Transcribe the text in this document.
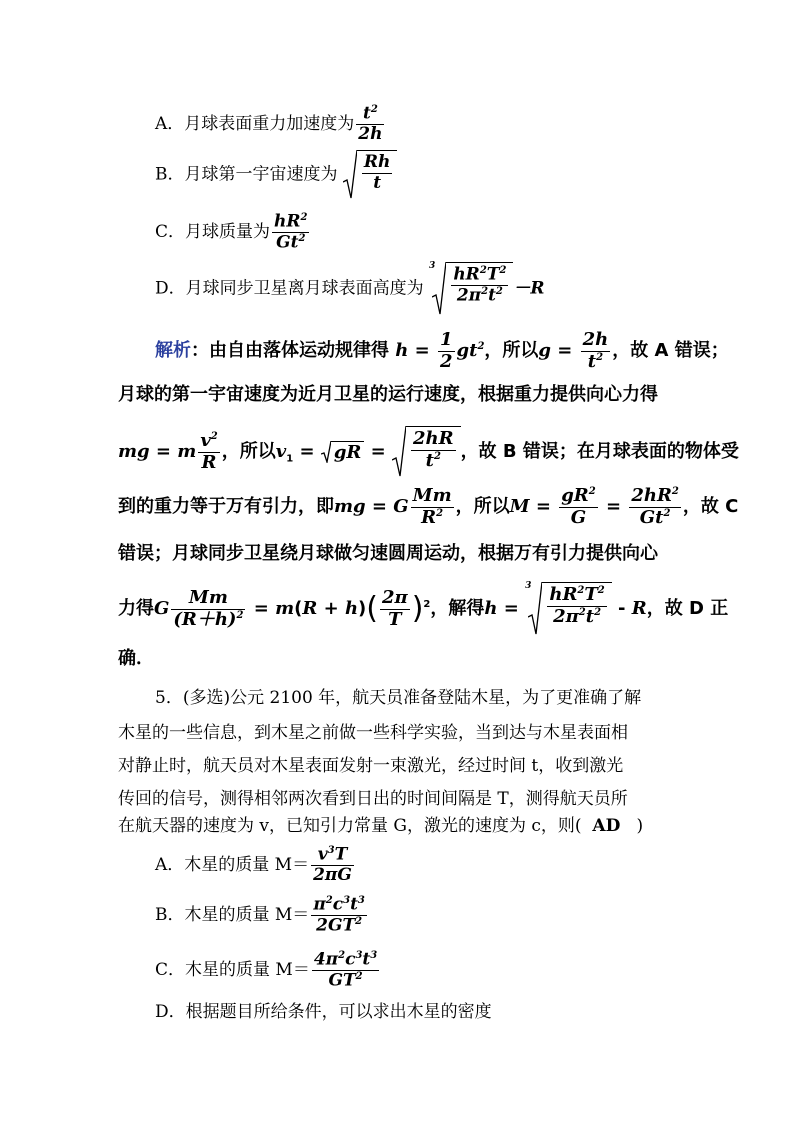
A．月球表面重力加速度为 $\frac{t^2}{2h}$
B．月球第一宇宙速度为 $\frac{Rh}{t}$
C．月球质量为 $\frac{hR^2}{Gt^2}$
D．月球同步卫星离月球表面高度为
$3 \frac{hR^2T^2}{2\pi^2t^2} -R$
解析：由自由落体运动规律得 $h = \frac{1}{2} gt^2$，所以$g = \frac{2h}{t^2}$ ，故 A 错误；
月球的第一宇宙速度为近月卫星的运行速度，根据重力提供向心力得
mg = m $\frac{v^2}{R}$ ，所以$v_1$ = gR = $\frac{2hR}{t^2}$ ，故 B 错误；在月球表面的物体受
到的重力等于万有引力，即mg = G $\frac{Mm}{R^2}$ ，所以$M = \frac{gR^2}{G} = \frac{2hR^2}{Gt^2}$ ，故 C
错误；月球同步卫星绕月球做匀速圆周运动，根据万有引力提供向心
力得G $\frac{Mm}{(R+h)^2} = m(R + h)( \frac{2\pi}{T} )^2$，解得h =
$3 \frac{hR^2T^2}{2\pi^2t^2}$ - R，故 D 正
确．
5．(多选)公元 2100 年，航天员准备登陆木星，为了更准确了解
木星的一些信息，到木星之前做一些科学实验，当到达与木星表面相
对静止时，航天员对木星表面发射一束激光，经过时间 t，收到激光
传回的信号，测得相邻两次看到日出的时间间隔是 T，测得航天员所
在航天器的速度为 v，已知引力常量 G，激光的速度为 c，则( AD )
A．木星的质量 $M= \frac{v^3T}{2\pi G}$
B．木星的质量 $M= \frac{\pi^2c^3t^3}{2GT^2}$
C．木星的质量 $M= \frac{4\pi^2c^3t^3}{GT^2}$
D．根据题目所给条件，可以求出木星的密度
